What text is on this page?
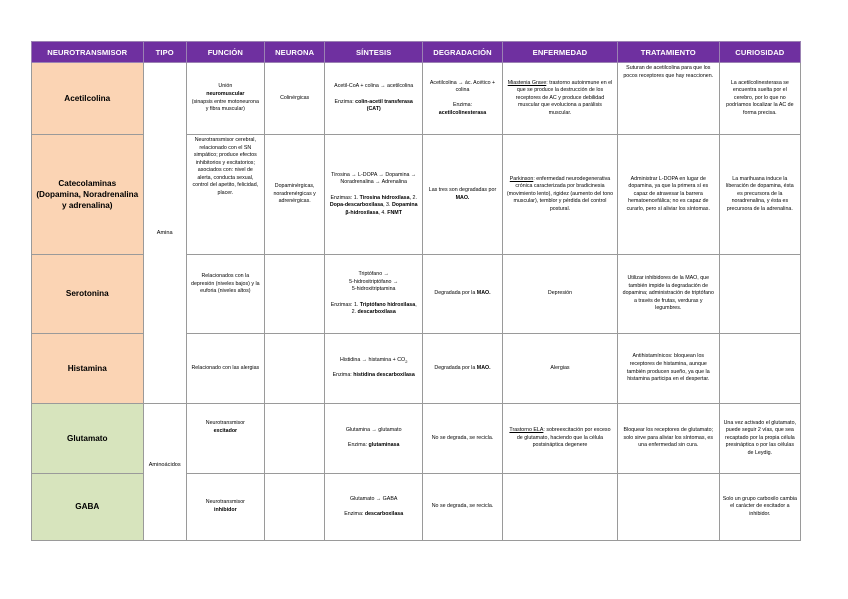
NEUROTRANSMISOR	TIPO	FUNCIÓN	NEURONA	SÍNTESIS	DEGRADACIÓN	ENFERMEDAD	TRATAMIENTO	CURIOSIDAD
Acetilcolina	Amina	Unión
neuromuscular
(sinapsis entre motoneurona y fibra muscular)	Colinérgicas	Acetil-CoA + colina → acetilcolina

Enzima: colin-acetil transferasa (CAT)	Acetilcolina → ác. Acético + colina

Enzima:
acetilcolinesterasa	Miastenia Grave: trastorno autoinmune en el que se produce la destrucción de los receptores de AC y produce debilidad muscular que evoluciona a parálisis muscular.	Suturan de acetilcolina para que los pocos receptores que hay reaccionen.	La acetilcolinesterasa se encuentra suelta por el cerebro, por lo que no podríamos localizar la AC de forma precisa.
Catecolaminas (Dopamina, Noradrenalina y adrenalina)		Neurotransmisor cerebral, relacionado con el SN simpático; produce efectos inhibitorios y excitatorios; asociados con: nivel de alerta, conducta sexual, control del apetito, felicidad, placer.	Dopaminérgicas, noradrenérgicas y adrenérgicas.	Tirosina → L-DOPA → Dopamina → Noradrenalina → Adrenalina

Enzimas: 1. Tirosina hidroxilasa, 2. Dopa-descarboxilasa, 3. Dopamina β-hidroxilasa, 4. FNMT	Las tres son degradadas por MAO.	Parkinson: enfermedad neurodegenerativa crónica caracterizada por bradicinesia (movimiento lento), rigidez (aumento del tono muscular), temblor y pérdida del control postural.	Administrar L-DOPA en lugar de dopamina, ya que la primera sí es capaz de atravesar la barrera hematoencefálica; no es capaz de curarlo, pero sí aliviar los síntomas.	La marihuana induce la liberación de dopamina, ésta es precursora de la noradrenalina, y ésta es precursora de la adrenalina.
Serotonina		Relacionados con la depresión (niveles bajos) y la euforia (niveles altos)		Triptófano →
5-hidroxitriptófano →
5-hidroxitriptamina

Enzimas: 1. Triptófano hidroxilasa, 2. descarboxilasa	Degradada por la MAO.	Depresión	Utilizar inhibidores de la MAO, que también impide la degradación de dopamina; administración de triptófano a través de frutas, verduras y legumbres.	
Histamina		Relacionado con las alergias		Histidina → histamina + $CO_2$

Enzima: histidina descarboxilasa	Degradada por la MAO.	Alergias	Antihistamínicos: bloquean los receptores de histamina, aunque también producen sueño, ya que la histamina participa en el despertar.	
Glutamato	Aminoácidos	Neurotransmisor
excitador		Glutamina → glutamato

Enzima: glutaminasa	No se degrada, se recicla.	Trastorno ELA: sobreexcitación por exceso de glutamato, haciendo que la célula postsináptica degenere	Bloquear los receptores de glutamato; solo sirve para aliviar los síntomas, es una enfermedad sin cura.	Una vez activado el glutamato, puede seguir 2 vías, que sea recaptado por la propia célula presináptica o por las células de Leydig.
GABA		Neurotransmisor
inhibidor		Glutamato → GABA

Enzima: descarboxilasa	No se degrada, se recicla.			Solo un grupo carboxilo cambia el carácter de excitador a inhibidor.
